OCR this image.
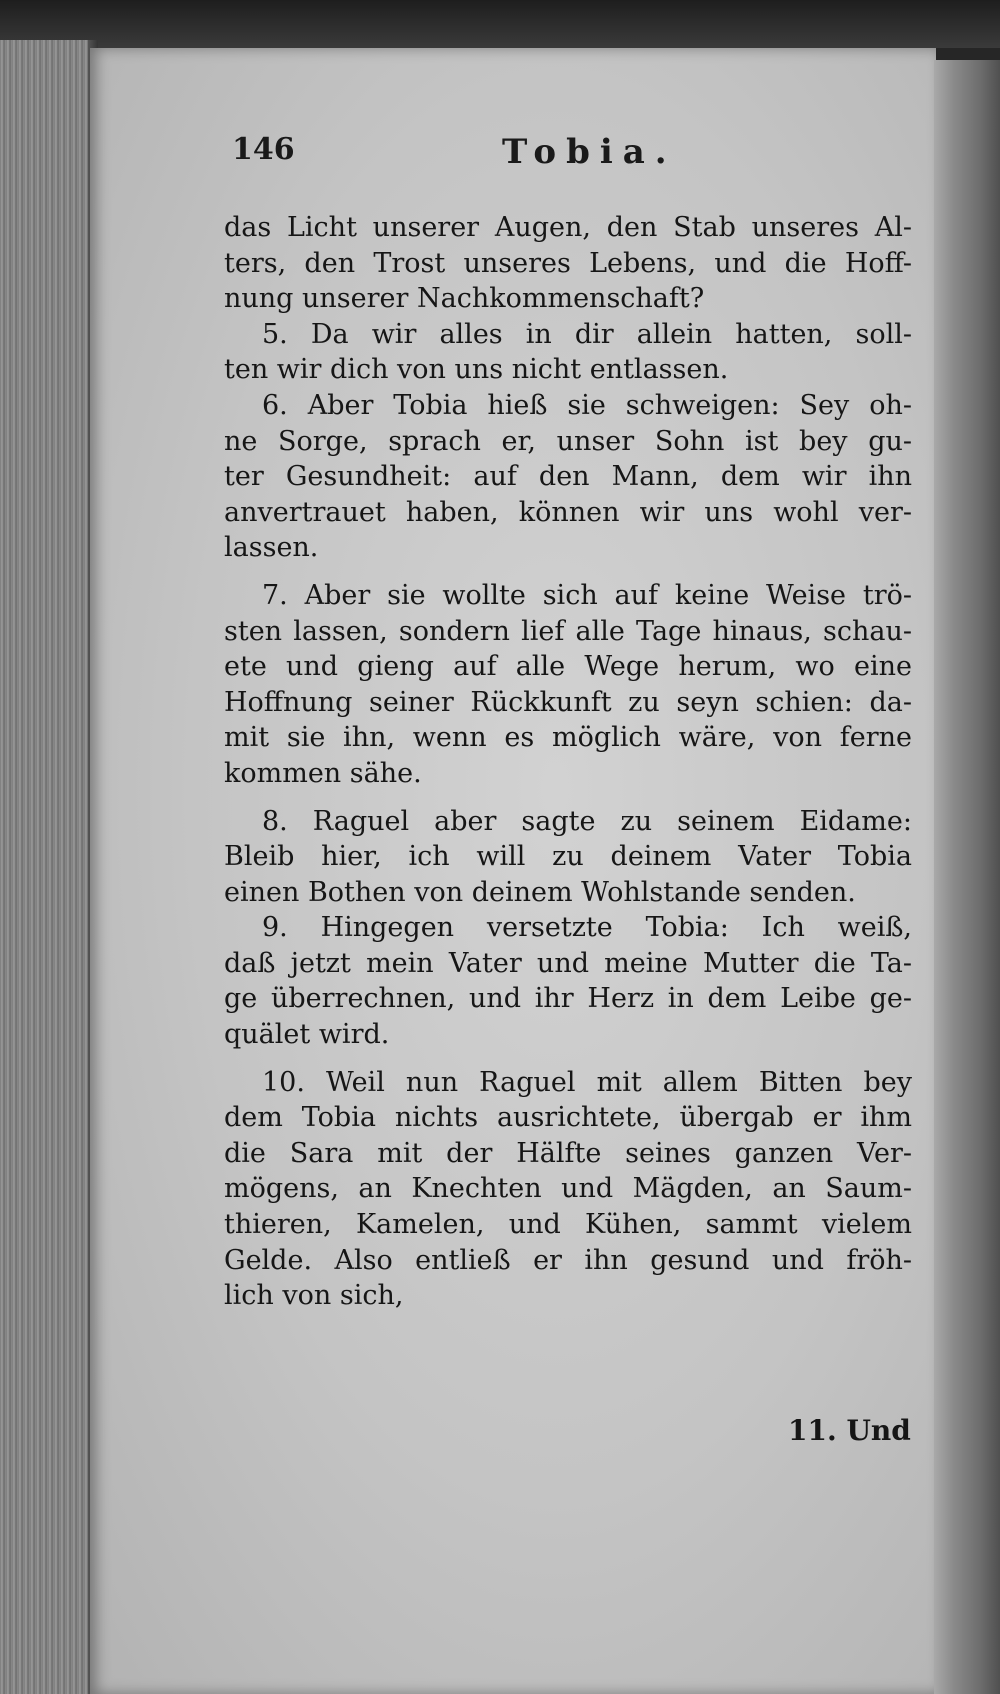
146	Tobia.

das Licht unserer Augen, den Stab unseres Al-
ters, den Trost unseres Lebens, und die Hoff-
nung unserer Nachkommenschaft?

5. Da wir alles in dir allein hatten, soll-
ten wir dich von uns nicht entlassen.

6. Aber Tobia hieß sie schweigen: Sey oh-
ne Sorge, sprach er, unser Sohn ist bey gu-
ter Gesundheit: auf den Mann, dem wir ihn
anvertrauet haben, können wir uns wohl ver-
lassen.

7. Aber sie wollte sich auf keine Weise trö-
sten lassen, sondern lief alle Tage hinaus, schau-
ete und gieng auf alle Wege herum, wo eine
Hoffnung seiner Rückkunft zu seyn schien: da-
mit sie ihn, wenn es möglich wäre, von ferne
kommen sähe.

8. Raguel aber sagte zu seinem Eidame:
Bleib hier, ich will zu deinem Vater Tobia
einen Bothen von deinem Wohlstande senden.

9. Hingegen versetzte Tobia: Ich weiß,
daß jetzt mein Vater und meine Mutter die Ta-
ge überrechnen, und ihr Herz in dem Leibe ge-
quälet wird.

10. Weil nun Raguel mit allem Bitten bey
dem Tobia nichts ausrichtete, übergab er ihm
die Sara mit der Hälfte seines ganzen Ver-
mögens, an Knechten und Mägden, an Saum-
thieren, Kamelen, und Kühen, sammt vielem
Gelde. Also entließ er ihn gesund und fröh-
lich von sich,

11. Und
